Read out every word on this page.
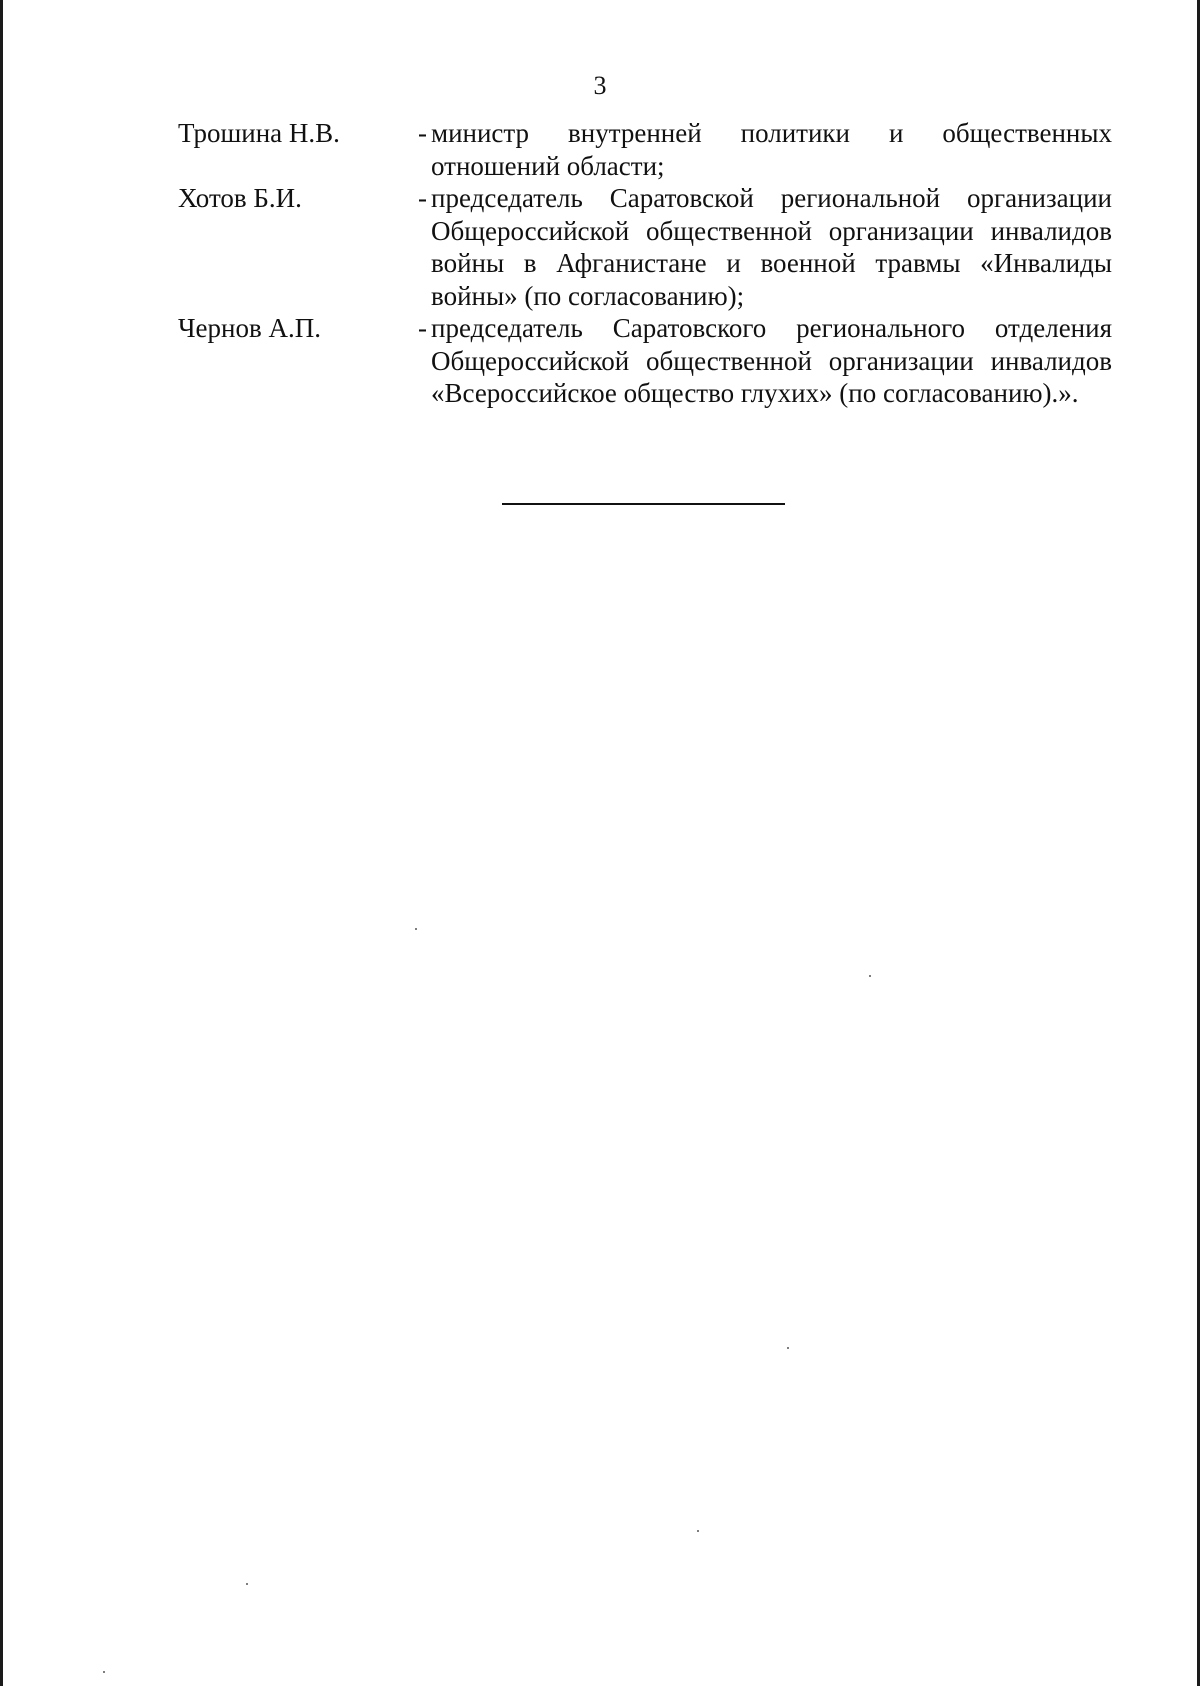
3
Трошина Н.В.	- министр внутренней политики и общественных отношений области;
Хотов Б.И.	- председатель Саратовской региональной организации Общероссийской общественной организации инвалидов войны в Афганистане и военной травмы «Инвалиды войны» (по согласованию);
Чернов А.П.	- председатель Саратовского регионального отделения Общероссийской общественной организации инвалидов «Всероссийское общество глухих» (по согласованию).».
